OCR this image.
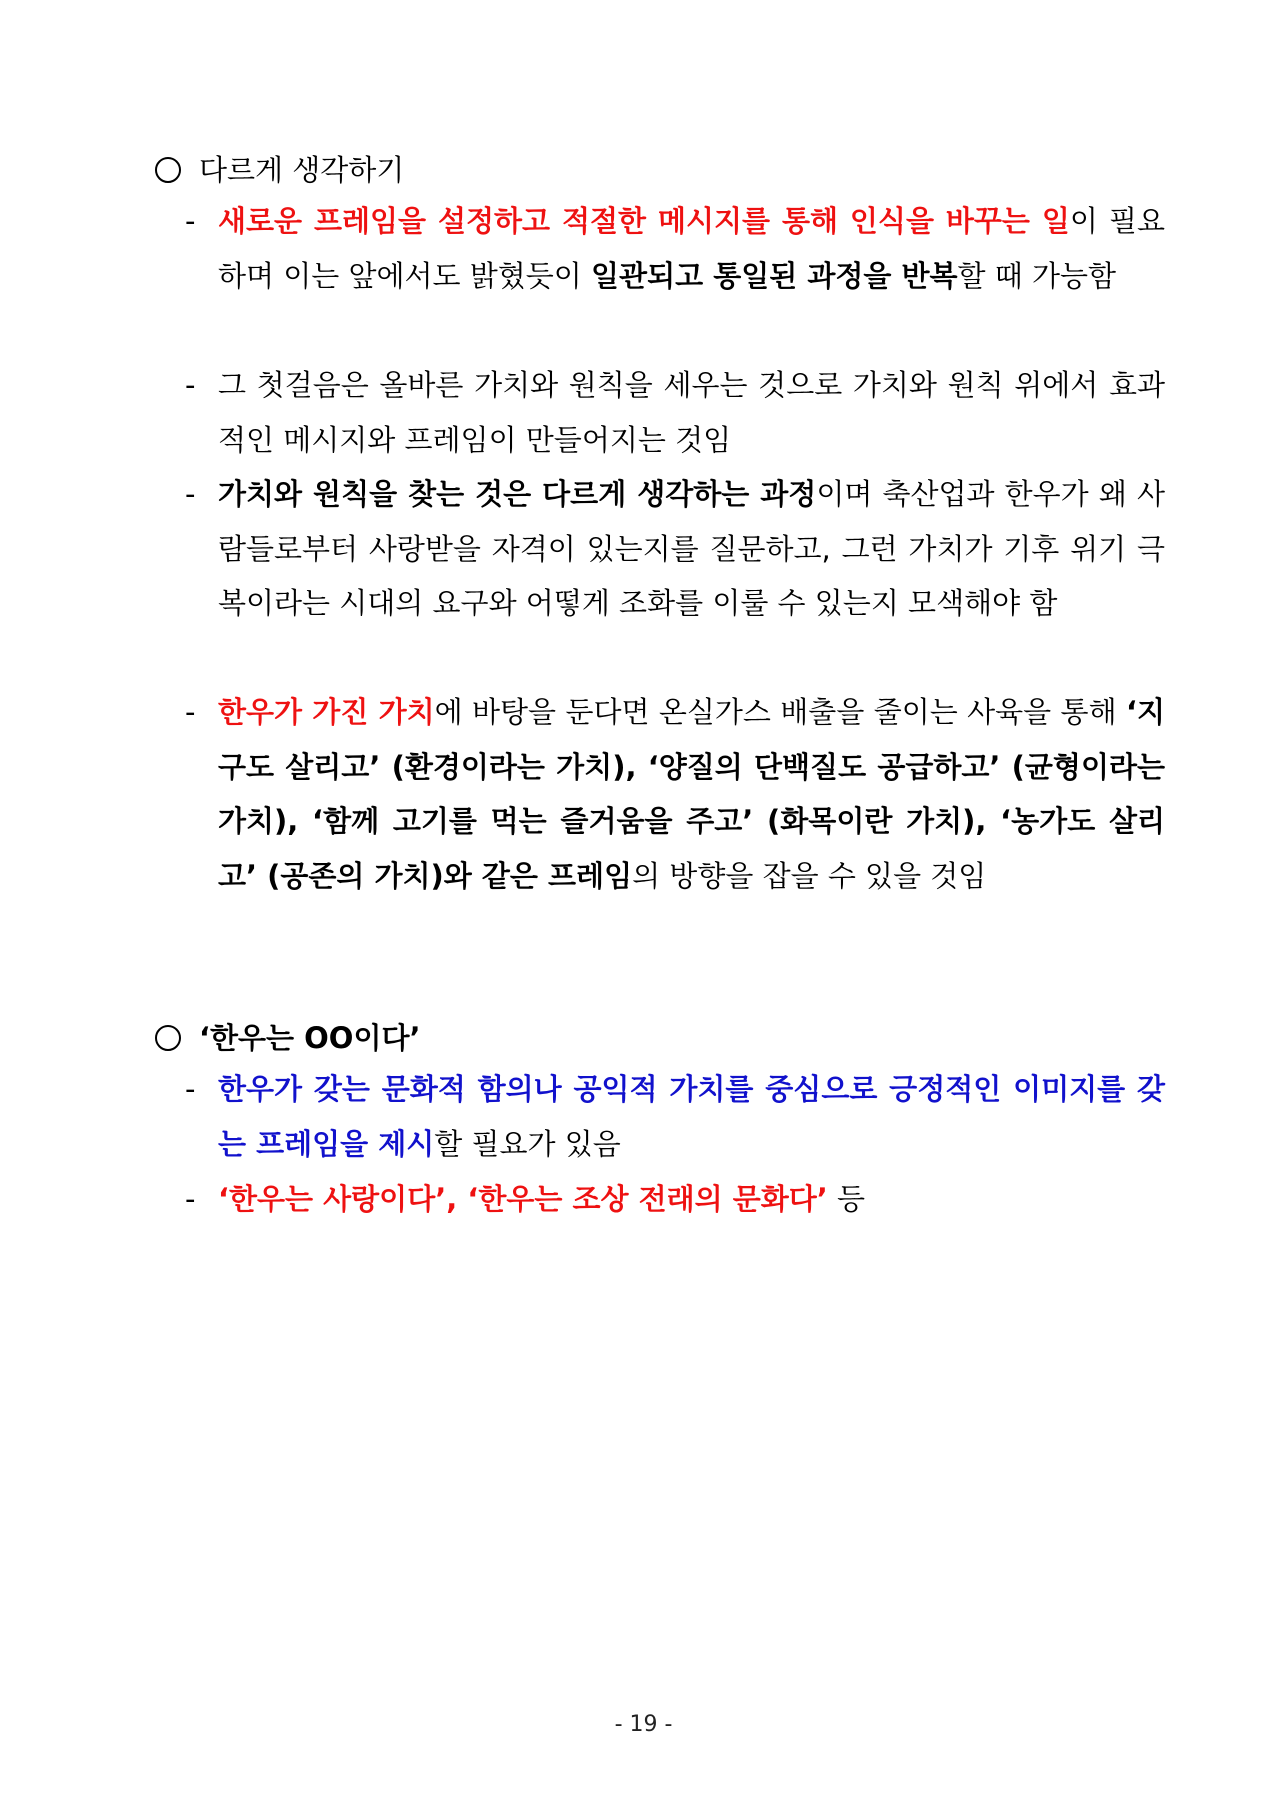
다르게 생각하기
- 새로운 프레임을 설정하고 적절한 메시지를 통해 인식을 바꾸는 일이 필요하며 이는 앞에서도 밝혔듯이 일관되고 통일된 과정을 반복할 때 가능함
- 그 첫걸음은 올바른 가치와 원칙을 세우는 것으로 가치와 원칙 위에서 효과적인 메시지와 프레임이 만들어지는 것임
- 가치와 원칙을 찾는 것은 다르게 생각하는 과정이며 축산업과 한우가 왜 사람들로부터 사랑받을 자격이 있는지를 질문하고, 그런 가치가 기후 위기 극복이라는 시대의 요구와 어떻게 조화를 이룰 수 있는지 모색해야 함
- 한우가 가진 가치에 바탕을 둔다면 온실가스 배출을 줄이는 사육을 통해 ‘지구도 살리고’ (환경이라는 가치), ‘양질의 단백질도 공급하고’ (균형이라는 가치), ‘함께 고기를 먹는 즐거움을 주고’ (화목이란 가치), ‘농가도 살리고’ (공존의 가치)와 같은 프레임의 방향을 잡을 수 있을 것임
‘한우는 OO이다’
- 한우가 갖는 문화적 함의나 공익적 가치를 중심으로 긍정적인 이미지를 갖는 프레임을 제시할 필요가 있음
- ‘한우는 사랑이다’, ‘한우는 조상 전래의 문화다’ 등
- 19 -
